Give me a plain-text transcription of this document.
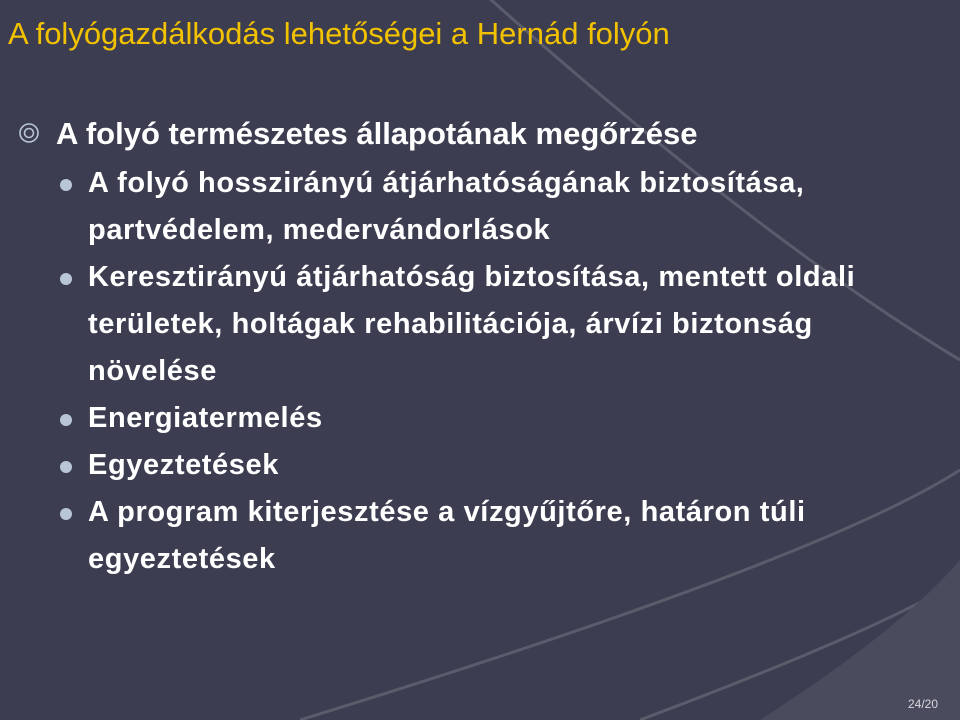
A folyógazdálkodás lehetőségei a Hernád folyón
A folyó természetes állapotának megőrzése
A folyó hosszirányú átjárhatóságának biztosítása, partvédelem, medervándorlások
Keresztirányú átjárhatóság biztosítása, mentett oldali területek, holtágak rehabilitációja, árvízi biztonság növelése
Energiatermelés
Egyeztetések
A program kiterjesztése a vízgyűjtőre, határon túli egyeztetések
24/20
